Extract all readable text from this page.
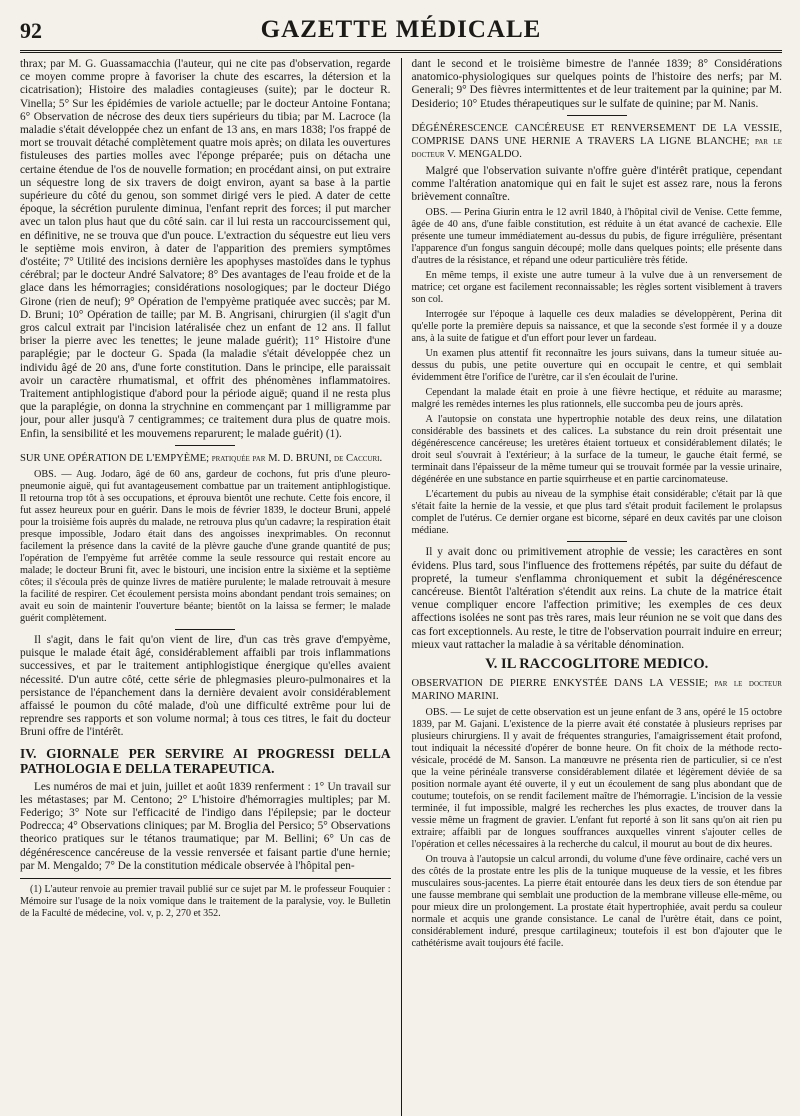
92	GAZETTE MÉDICALE

thrax; par M. G. Guassamacchia (l'auteur, qui ne cite pas d'observation, regarde ce moyen comme propre à favoriser la chute des escarres, la détersion et la cicatrisation); Histoire des maladies contagieuses (suite); par le docteur R. Vinella; 5° Sur les épidémies de variole actuelle; par le docteur Antoine Fontana; 6° Observation de nécrose des deux tiers supérieurs du tibia; par M. Lacroce (la maladie s'était développée chez un enfant de 13 ans, en mars 1838; l'os frappé de mort se trouvait détaché complètement quatre mois après; on dilata les ouvertures fistuleuses des parties molles avec l'éponge préparée; puis on détacha une certaine étendue de l'os de nouvelle formation; en procédant ainsi, on put extraire un séquestre long de six travers de doigt environ, ayant sa base à la partie supérieure du côté du genou, son sommet dirigé vers le pied. A dater de cette époque, la sécrétion purulente diminua, l'enfant reprit des forces; il put marcher avec un talon plus haut que du côté sain. car il lui resta un raccourcissement qui, en définitive, ne se trouva que d'un pouce. L'extraction du séquestre eut lieu vers le septième mois environ, à dater de l'apparition des premiers symptômes d'ostéite; 7° Utilité des incisions dernière les apophyses mastoïdes dans le typhus cérébral; par le docteur André Salvatore; 8° Des avantages de l'eau froide et de la glace dans les hémorragies; considérations nosologiques; par le docteur Diégo Girone (rien de neuf); 9° Opération de l'empyème pratiquée avec succès; par M. D. Bruni; 10° Opération de taille; par M. B. Angrisani, chirurgien (il s'agit d'un gros calcul extrait par l'incision latéralisée chez un enfant de 12 ans. Il fallut briser la pierre avec les tenettes; le jeune malade guérit); 11° Histoire d'une paraplégie; par le docteur G. Spada (la maladie s'était développée chez un individu âgé de 20 ans, d'une forte constitution. Dans le principe, elle paraissait avoir un caractère rhumatismal, et offrit des phénomènes inflammatoires. Traitement antiphlogistique d'abord pour la période aiguë; quand il ne resta plus que la paraplégie, on donna la strychnine en commençant par 1 milligramme par jour, pour aller jusqu'à 7 centigrammes; ce traitement dura plus de quatre mois. Enfin, la sensibilité et les mouvemens reparurent; le malade guérit) (1).

SUR UNE OPÉRATION DE L'EMPYÈME; pratiquée par M. D. BRUNI, de Caccuri.

OBS. — Aug. Jodaro, âgé de 60 ans, gardeur de cochons, fut pris d'une pleuro-pneumonie aiguë, qui fut avantageusement combattue par un traitement antiphlogistique. Il retourna trop tôt à ses occupations, et éprouva bientôt une rechute. Cette fois encore, il fut assez heureux pour en guérir. Dans le mois de février 1839, le docteur Bruni, appelé pour la troisième fois auprès du malade, ne retrouva plus qu'un cadavre; la respiration était presque impossible, Jodaro était dans des angoisses inexprimables. On reconnut facilement la présence dans la cavité de la plèvre gauche d'une grande quantité de pus; l'opération de l'empyème fut arrêtée comme la seule ressource qui restait encore au malade; le docteur Bruni fit, avec le bistouri, une incision entre la sixième et la septième côtes; il s'écoula près de quinze livres de matière purulente; le malade retrouvait à mesure la facilité de respirer. Cet écoulement persista moins abondant pendant trois semaines; on avait eu soin de maintenir l'ouverture béante; bientôt on la laissa se fermer; le malade guérit complètement.

Il s'agit, dans le fait qu'on vient de lire, d'un cas très grave d'empyème, puisque le malade était âgé, considérablement affaibli par trois inflammations successives, et par le traitement antiphlogistique énergique qu'elles avaient nécessité. D'un autre côté, cette série de phlegmasies pleuro-pulmonaires et la persistance de l'épanchement dans la dernière devaient avoir considérablement affaissé le poumon du côté malade, d'où une difficulté extrême pour lui de reprendre ses rapports et son volume normal; à tous ces titres, le fait du docteur Bruni offre de l'intérêt.

IV. GIORNALE PER SERVIRE AI PROGRESSI DELLA PATHOLOGIA E DELLA TERAPEUTICA.

Les numéros de mai et juin, juillet et août 1839 renferment : 1° Un travail sur les métastases; par M. Centono; 2° L'histoire d'hémorragies multiples; par M. Federigo; 3° Note sur l'efficacité de l'indigo dans l'épilepsie; par le docteur Podrecca; 4° Observations cliniques; par M. Broglia del Persico; 5° Observations theorico pratiques sur le tétanos traumatique; par M. Bellini; 6° Un cas de dégénérescence cancéreuse de la vessie renversée et faisant partie d'une hernie; par M. Mengaldo; 7° De la constitution médicale observée à l'hôpital pen-

(1) L'auteur renvoie au premier travail publié sur ce sujet par M. le professeur Fouquier : Mémoire sur l'usage de la noix vomique dans le traitement de la paralysie, voy. le Bulletin de la Faculté de médecine, vol. v, p. 2, 270 et 352.

dant le second et le troisième bimestre de l'année 1839; 8° Considérations anatomico-physiologiques sur quelques points de l'histoire des nerfs; par M. Generali; 9° Des fièvres intermittentes et de leur traitement par la quinine; par M. Desiderio; 10° Etudes thérapeutiques sur le sulfate de quinine; par M. Nanis.

DÉGÉNÉRESCENCE CANCÉREUSE ET RENVERSEMENT DE LA VESSIE, COMPRISE DANS UNE HERNIE A TRAVERS LA LIGNE BLANCHE; par le docteur V. MENGALDO.

Malgré que l'observation suivante n'offre guère d'intérêt pratique, cependant comme l'altération anatomique qui en fait le sujet est assez rare, nous la ferons brièvement connaître.

OBS. — Perina Giurin entra le 12 avril 1840, à l'hôpital civil de Venise. Cette femme, âgée de 40 ans, d'une faible constitution, est réduite à un état avancé de cachexie. Elle présente une tumeur immédiatement au-dessus du pubis, de figure irrégulière, présentant l'apparence d'un fongus sanguin découpé; molle dans quelques points; elle présente dans d'autres de la résistance, et répand une odeur particulière très fétide.

En même temps, il existe une autre tumeur à la vulve due à un renversement de matrice; cet organe est facilement reconnaissable; les règles sortent visiblement à travers son col.

Interrogée sur l'époque à laquelle ces deux maladies se développèrent, Perina dit qu'elle porte la première depuis sa naissance, et que la seconde s'est formée il y a douze ans, à la suite de fatigue et d'un effort pour lever un fardeau.

Un examen plus attentif fit reconnaître les jours suivans, dans la tumeur située au-dessus du pubis, une petite ouverture qui en occupait le centre, et qui semblait évidemment être l'orifice de l'urètre, car il s'en écoulait de l'urine.

Cependant la malade était en proie à une fièvre hectique, et réduite au marasme; malgré les remèdes internes les plus rationnels, elle succomba peu de jours après.

A l'autopsie on constata une hypertrophie notable des deux reins, une dilatation considérable des bassinets et des calices. La substance du rein droit présentait une dégénérescence cancéreuse; les uretères étaient tortueux et considérablement dilatés; le droit seul s'ouvrait à l'extérieur; à la surface de la tumeur, le gauche était fermé, se terminait dans l'épaisseur de la même tumeur qui se trouvait formée par la vessie urinaire, dégénérée en une substance en partie squirrheuse et en partie carcinomateuse.

L'écartement du pubis au niveau de la symphise était considérable; c'était par là que s'était faite la hernie de la vessie, et que plus tard s'était produit facilement le prolapsus complet de l'utérus. Ce dernier organe est bicorne, séparé en deux cavités par une cloison médiane.

Il y avait donc ou primitivement atrophie de vessie; les caractères en sont évidens. Plus tard, sous l'influence des frottemens répétés, par suite du défaut de propreté, la tumeur s'enflamma chroniquement et subit la dégénérescence cancéreuse. Bientôt l'altération s'étendit aux reins. La chute de la matrice était venue compliquer encore l'affection primitive; les exemples de ces deux affections isolées ne sont pas très rares, mais leur réunion ne se voit que dans des cas fort exceptionnels. Au reste, le titre de l'observation pourrait induire en erreur; mieux vaut rattacher la maladie à sa véritable dénomination.

V. IL RACCOGLITORE MEDICO.

OBSERVATION DE PIERRE ENKYSTÉE DANS LA VESSIE; par le docteur MARINO MARINI.

OBS. — Le sujet de cette observation est un jeune enfant de 3 ans, opéré le 15 octobre 1839, par M. Gajani. L'existence de la pierre avait été constatée à plusieurs reprises par plusieurs chirurgiens. Il y avait de fréquentes stranguries, l'amaigrissement était profond, tout indiquait la nécessité d'opérer de bonne heure. On fit choix de la méthode recto-vésicale, procédé de M. Sanson. La manœuvre ne présenta rien de particulier, si ce n'est que la veine périnéale transverse considérablement dilatée et légèrement déviée de sa position normale ayant été ouverte, il y eut un écoulement de sang plus abondant que de coutume; toutefois, on se rendit facilement maître de l'hémorragie. L'incision de la vessie terminée, il fut impossible, malgré les recherches les plus exactes, de trouver dans la vessie même un fragment de gravier. L'enfant fut reporté à son lit sans qu'on ait rien pu extraire; affaibli par de longues souffrances auxquelles vinrent s'ajouter celles de l'opération et celles nécessaires à la recherche du calcul, il mourut au bout de dix heures.

On trouva à l'autopsie un calcul arrondi, du volume d'une fève ordinaire, caché vers un des côtés de la prostate entre les plis de la tunique muqueuse de la vessie, et les fibres musculaires sous-jacentes. La pierre était entourée dans les deux tiers de son étendue par une fausse membrane qui semblait une production de la membrane villeuse elle-même, ou pour mieux dire un prolongement. La prostate était hypertrophiée, avait perdu sa couleur normale et acquis une grande consistance. Le canal de l'urètre était, dans ce point, considérablement induré, presque cartilagineux; toutefois il est bon d'ajouter que le cathétérisme avait toujours été facile.
